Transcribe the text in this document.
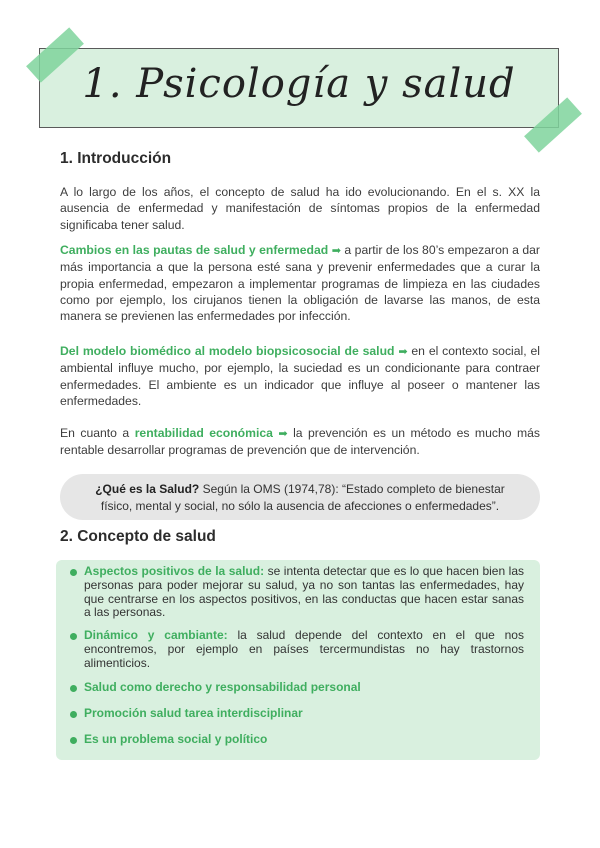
1. Psicología y salud
1. Introducción

A lo largo de los años, el concepto de salud ha ido evolucionando. En el s. XX la ausencia de enfermedad y manifestación de síntomas propios de la enfermedad significaba tener salud.

Cambios en las pautas de salud y enfermedad ➡ a partir de los 80’s empezaron a dar más importancia a que la persona esté sana y prevenir enfermedades que a curar la propia enfermedad, empezaron a implementar programas de limpieza en las ciudades como por ejemplo, los cirujanos tienen la obligación de lavarse las manos, de esta manera se previenen las enfermedades por infección.

Del modelo biomédico al modelo biopsicosocial de salud ➡ en el contexto social, el ambiental influye mucho, por ejemplo, la suciedad es un condicionante para contraer enfermedades. El ambiente es un indicador que influye al poseer o mantener las enfermedades.

En cuanto a rentabilidad económica ➡ la prevención es un método es mucho más rentable desarrollar programas de prevención que de intervención.

¿Qué es la Salud? Según la OMS (1974,78): “Estado completo de bienestar físico, mental y social, no sólo la ausencia de afecciones o enfermedades”.
2. Concepto de salud
Aspectos positivos de la salud: se intenta detectar que es lo que hacen bien las personas para poder mejorar su salud, ya no son tantas las enfermedades, hay que centrarse en los aspectos positivos, en las conductas que hacen estar sanas a las personas.
Dinámico y cambiante: la salud depende del contexto en el que nos encontremos, por ejemplo en países tercermundistas no hay trastornos alimenticios.
Salud como derecho y responsabilidad personal
Promoción salud tarea interdisciplinar
Es un problema social y político
